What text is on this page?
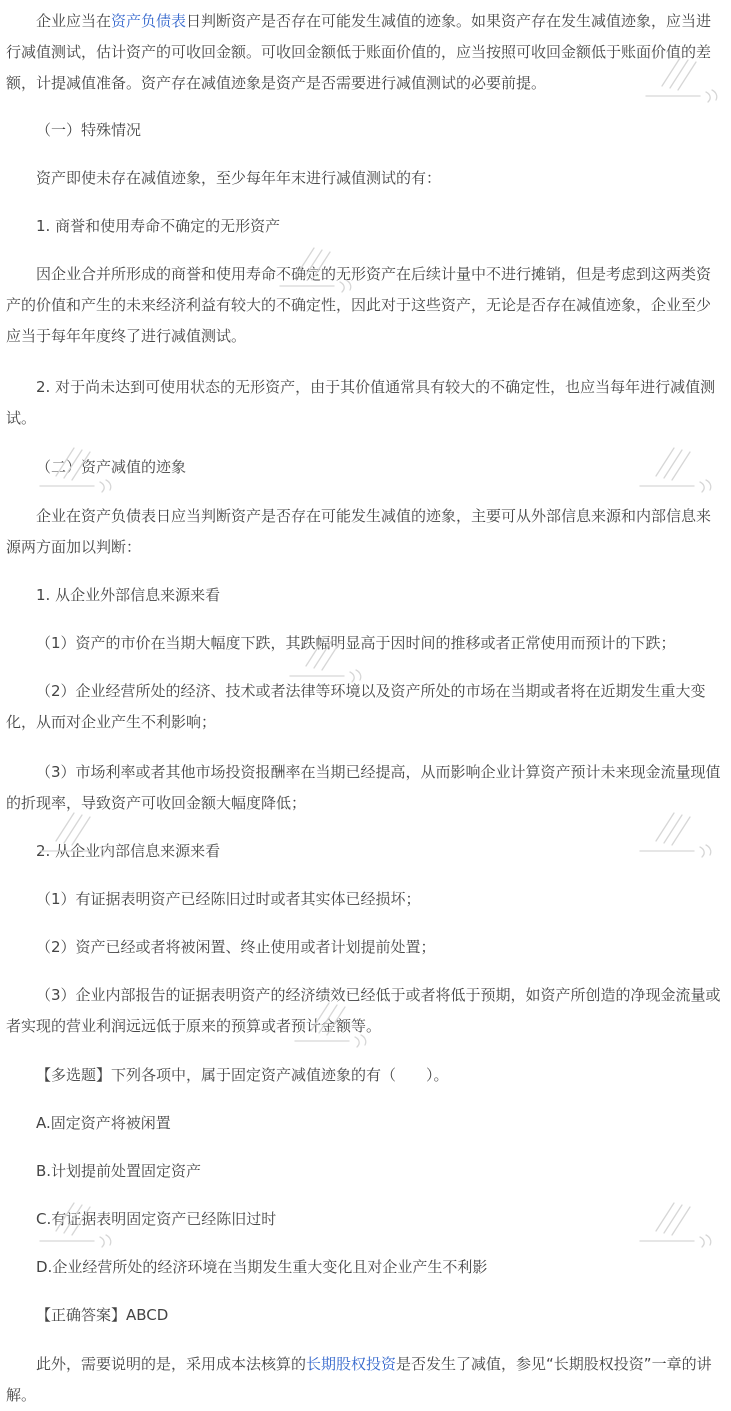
企业应当在资产负债表日判断资产是否存在可能发生减值的迹象。如果资产存在发生减值迹象，应当进行减值测试，估计资产的可收回金额。可收回金额低于账面价值的，应当按照可收回金额低于账面价值的差额，计提减值准备。资产存在减值迹象是资产是否需要进行减值测试的必要前提。

（一）特殊情况

资产即使未存在减值迹象，至少每年年末进行减值测试的有：

1. 商誉和使用寿命不确定的无形资产

因企业合并所形成的商誉和使用寿命不确定的无形资产在后续计量中不进行摊销，但是考虑到这两类资产的价值和产生的未来经济利益有较大的不确定性，因此对于这些资产，无论是否存在减值迹象，企业至少应当于每年年度终了进行减值测试。

2. 对于尚未达到可使用状态的无形资产，由于其价值通常具有较大的不确定性，也应当每年进行减值测试。

（二）资产减值的迹象

企业在资产负债表日应当判断资产是否存在可能发生减值的迹象，主要可从外部信息来源和内部信息来源两方面加以判断：

1. 从企业外部信息来源来看

（1）资产的市价在当期大幅度下跌，其跌幅明显高于因时间的推移或者正常使用而预计的下跌；

（2）企业经营所处的经济、技术或者法律等环境以及资产所处的市场在当期或者将在近期发生重大变化，从而对企业产生不利影响；

（3）市场利率或者其他市场投资报酬率在当期已经提高，从而影响企业计算资产预计未来现金流量现值的折现率，导致资产可收回金额大幅度降低；

2. 从企业内部信息来源来看

（1）有证据表明资产已经陈旧过时或者其实体已经损坏；

（2）资产已经或者将被闲置、终止使用或者计划提前处置；

（3）企业内部报告的证据表明资产的经济绩效已经低于或者将低于预期，如资产所创造的净现金流量或者实现的营业利润远远低于原来的预算或者预计金额等。

【多选题】下列各项中，属于固定资产减值迹象的有（　　）。

A.固定资产将被闲置

B.计划提前处置固定资产

C.有证据表明固定资产已经陈旧过时

D.企业经营所处的经济环境在当期发生重大变化且对企业产生不利影

【正确答案】ABCD

此外，需要说明的是，采用成本法核算的长期股权投资是否发生了减值，参见“长期股权投资”一章的讲解。
